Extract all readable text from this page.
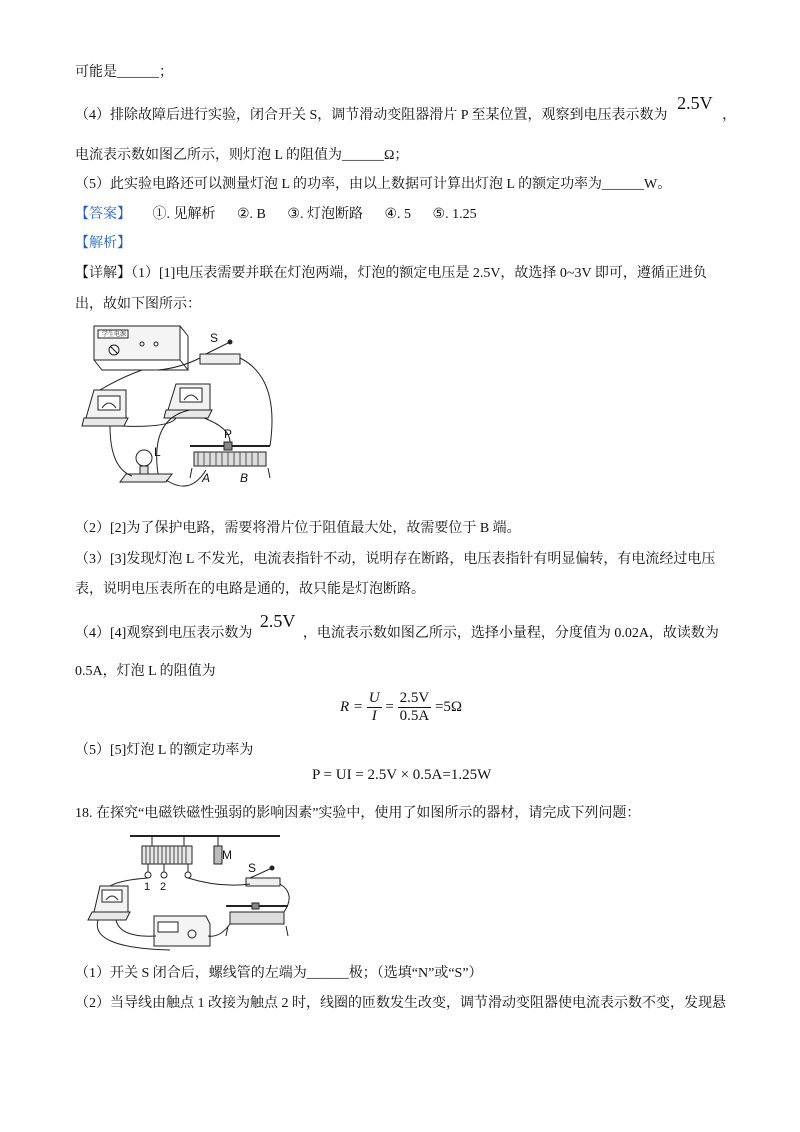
可能是______；
（4）排除故障后进行实验，闭合开关 S，调节滑动变阻器滑片 P 至某位置，观察到电压表示数为 2.5V ，
电流表示数如图乙所示，则灯泡 L 的阻值为______Ω；
（5）此实验电路还可以测量灯泡 L 的功率，由以上数据可计算出灯泡 L 的额定功率为______W。
【答案】 ①. 见解析 ②. B ③. 灯泡断路 ④. 5 ⑤. 1.25
【解析】
【详解】（1）[1]电压表需要并联在灯泡两端，灯泡的额定电压是 2.5V，故选择 0~3V 即可，遵循正进负
出，故如下图所示：
学生电源	S
P
L
A B
（2）[2]为了保护电路，需要将滑片位于阻值最大处，故需要位于 B 端。
（3）[3]发现灯泡 L 不发光，电流表指针不动，说明存在断路，电压表指针有明显偏转，有电流经过电压
表，说明电压表所在的电路是通的，故只能是灯泡断路。
（4）[4]观察到电压表示数为 2.5V ，电流表示数如图乙所示，选择小量程，分度值为 0.02A，故读数为
0.5A，灯泡 L 的阻值为
$R = \frac{U}{I} = \frac{2.5V}{0.5A} =5\Omega$
（5）[5]灯泡 L 的额定功率为
P = UI = 2.5V × 0.5A=1.25W
18. 在探究“电磁铁磁性强弱的影响因素”实验中，使用了如图所示的器材，请完成下列问题：
M
S
1 2
（1）开关 S 闭合后，螺线管的左端为______极；（选填“N”或“S”）
（2）当导线由触点 1 改接为触点 2 时，线圈的匝数发生改变，调节滑动变阻器使电流表示数不变，发现悬
